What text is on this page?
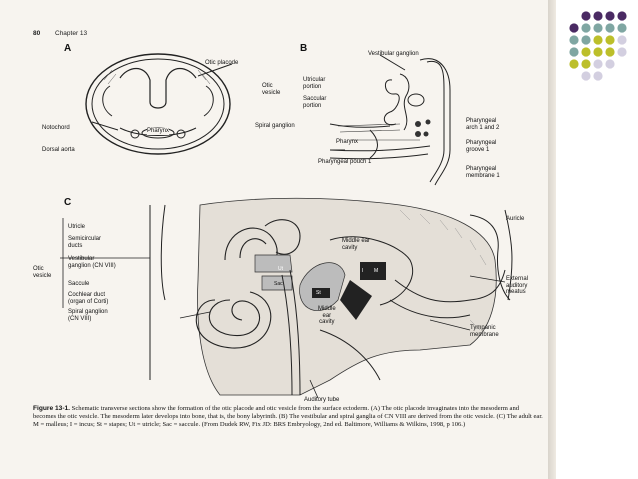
80 Chapter 13
A	B
C
Otic placode
Pharynx
Notochord
Dorsal aorta
Vestibular ganglion
Otic
vesicle
Utricular
portion
Saccular
portion
Spiral ganglion
Pharynx
Pharyngeal
arch 1 and 2
Pharyngeal
groove 1
Pharyngeal pouch 1
Pharyngeal
membrane 1
Utricle
Semicircular
ducts
Vestibular
ganglion (CN VIII)
Saccule
Cochlear duct
(organ of Corti)
Spiral ganglion
(CN VIII)
Otic
vesicle
Middle ear
cavity
Middle
ear
cavity
Auricle
External
auditory
meatus
Tympanic
membrane
Auditory tube
Ut
Sac
St
I M
Figure 13-1. Schematic transverse sections show the formation of the otic placode and otic vesicle from the surface ectoderm. (A) The otic placode invaginates into the mesoderm and becomes the otic vesicle. The mesoderm later develops into bone, that is, the bony labyrinth. (B) The vestibular and spiral ganglia of CN VIII are derived from the otic vesicle. (C) The adult ear. M = malleus; I = incus; St = stapes; Ut = utricle; Sac = saccule. (From Dudek RW, Fix JD: BRS Embryology, 2nd ed. Baltimore, Williams & Wilkins, 1998, p 106.)
